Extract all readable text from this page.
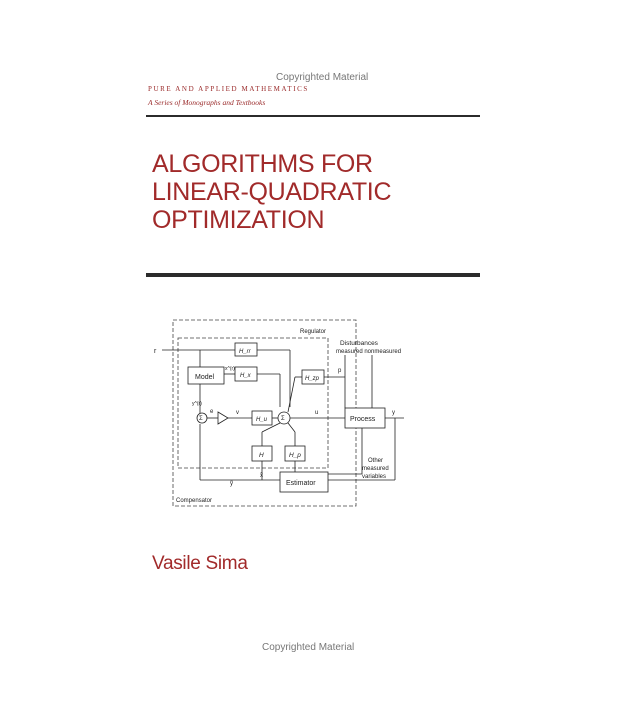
Copyrighted Material
PURE AND APPLIED MATHEMATICS
A Series of Monographs and Textbooks
ALGORITHMS FOR
LINEAR-QUADRATIC
OPTIMIZATION
r	H_rr
Model
x^(r)
H_x
y^(r)
Σ
e	v
H_u Σ
u
H_zp
p
Disturbances
measured nonmeasured
Regulator
Process
y
Other
measured
variables
H	H_p
Estimator
x̂
ỹ
Compensator
Vasile Sima
Copyrighted Material
